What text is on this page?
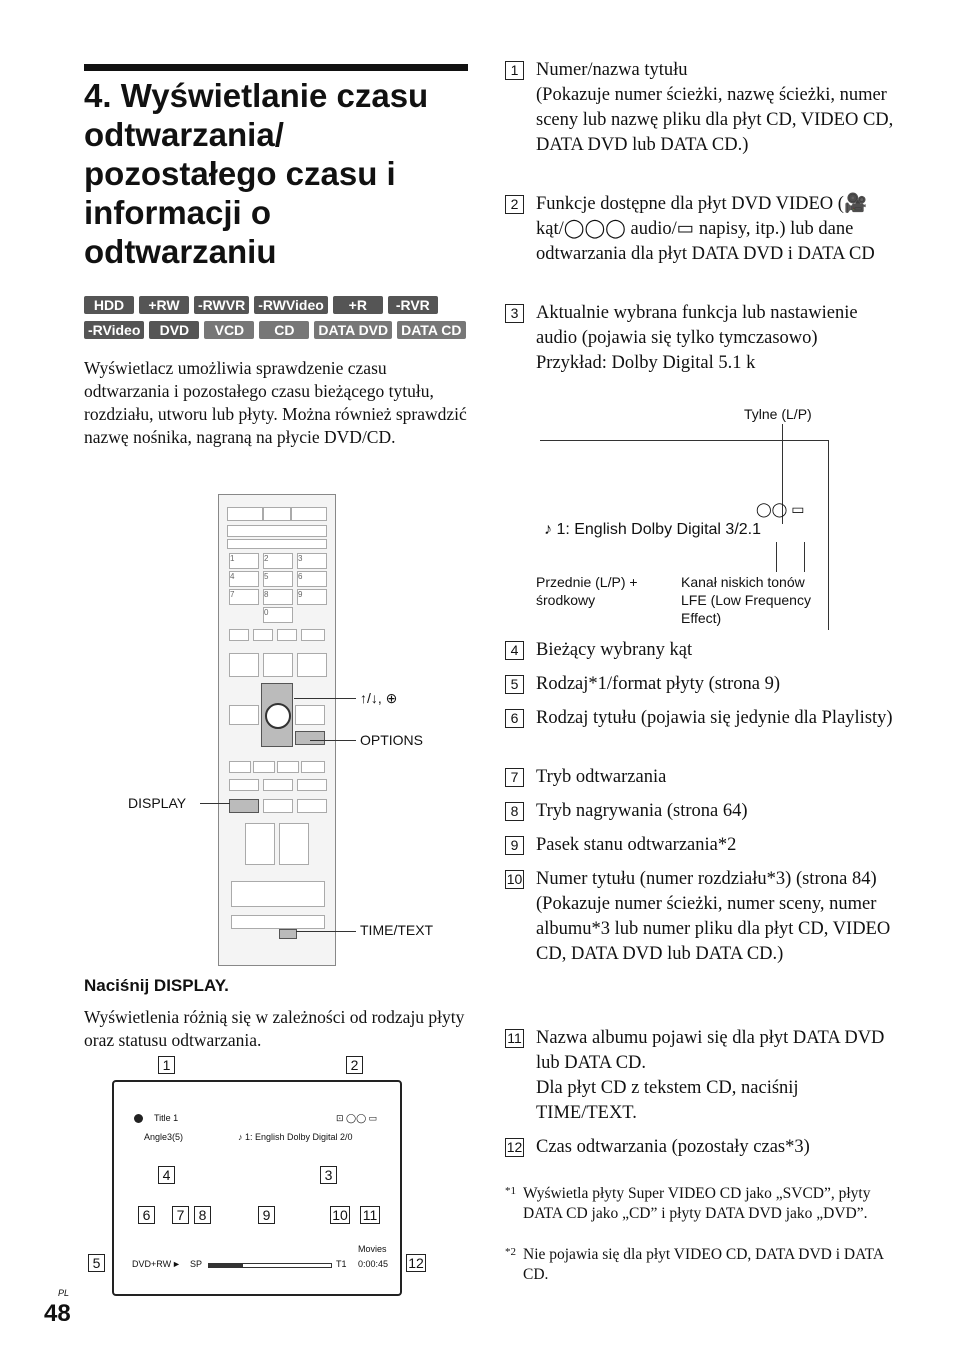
4. Wyświetlanie czasu odtwarzania/ pozostałego czasu i informacji o odtwarzaniu
HDD	+RW	-RWVR -RWVideo	+R	-RVR
-RVideo	DVD	VCD	CD	DATA DVD DATA CD
Wyświetlacz umożliwia sprawdzenie czasu odtwarzania i pozostałego czasu bieżącego tytułu, rozdziału, utworu lub płyty. Można również sprawdzić nazwę nośnika, nagraną na płycie DVD/CD.
1	2	3
4	5	6
7	8	9
0
↑/↓, ⊕
OPTIONS
DISPLAY
TIME/TEXT
Naciśnij DISPLAY.
Wyświetlenia różnią się w zależności od rodzaju płyty oraz statusu odtwarzania.
1	2
Title 1	⊡ ◯◯ ▭
Angle3(5)	♪ 1: English Dolby Digital 2/0
DVD+RW ► SP	T1
Movies
0:00:45
4	3
6	7	8	9	10 11
5	12
1 Numer/nazwa tytułu
(Pokazuje numer ścieżki, nazwę ścieżki, numer sceny lub nazwę pliku dla płyt CD, VIDEO CD, DATA DVD lub DATA CD.)
2 Funkcje dostępne dla płyt DVD VIDEO (🎥 kąt/◯◯◯ audio/▭ napisy, itp.) lub dane odtwarzania dla płyt DATA DVD i DATA CD
3 Aktualnie wybrana funkcja lub nastawienie audio (pojawia się tylko tymczasowo)
Przykład: Dolby Digital 5.1 k
Tylne (L/P)
◯◯ ▭
♪ 1: English Dolby Digital 3/2.1
Przednie (L/P) + środkowy
Kanał niskich tonów LFE (Low Frequency Effect)
4 Bieżący wybrany kąt
5 Rodzaj*1/format płyty (strona 9)
6 Rodzaj tytułu (pojawia się jedynie dla Playlisty)
7 Tryb odtwarzania
8 Tryb nagrywania (strona 64)
9 Pasek stanu odtwarzania*2
10 Numer tytułu (numer rozdziału*3) (strona 84)
(Pokazuje numer ścieżki, numer sceny, numer albumu*3 lub numer pliku dla płyt CD, VIDEO CD, DATA DVD lub DATA CD.)
11 Nazwa albumu pojawi się dla płyt DATA DVD lub DATA CD.
Dla płyt CD z tekstem CD, naciśnij TIME/TEXT.
12 Czas odtwarzania (pozostały czas*3)
*1 Wyświetla płyty Super VIDEO CD jako „SVCD”, płyty DATA CD jako „CD” i płyty DATA DVD jako „DVD”.
*2 Nie pojawia się dla płyt VIDEO CD, DATA DVD i DATA CD.
PL
48
